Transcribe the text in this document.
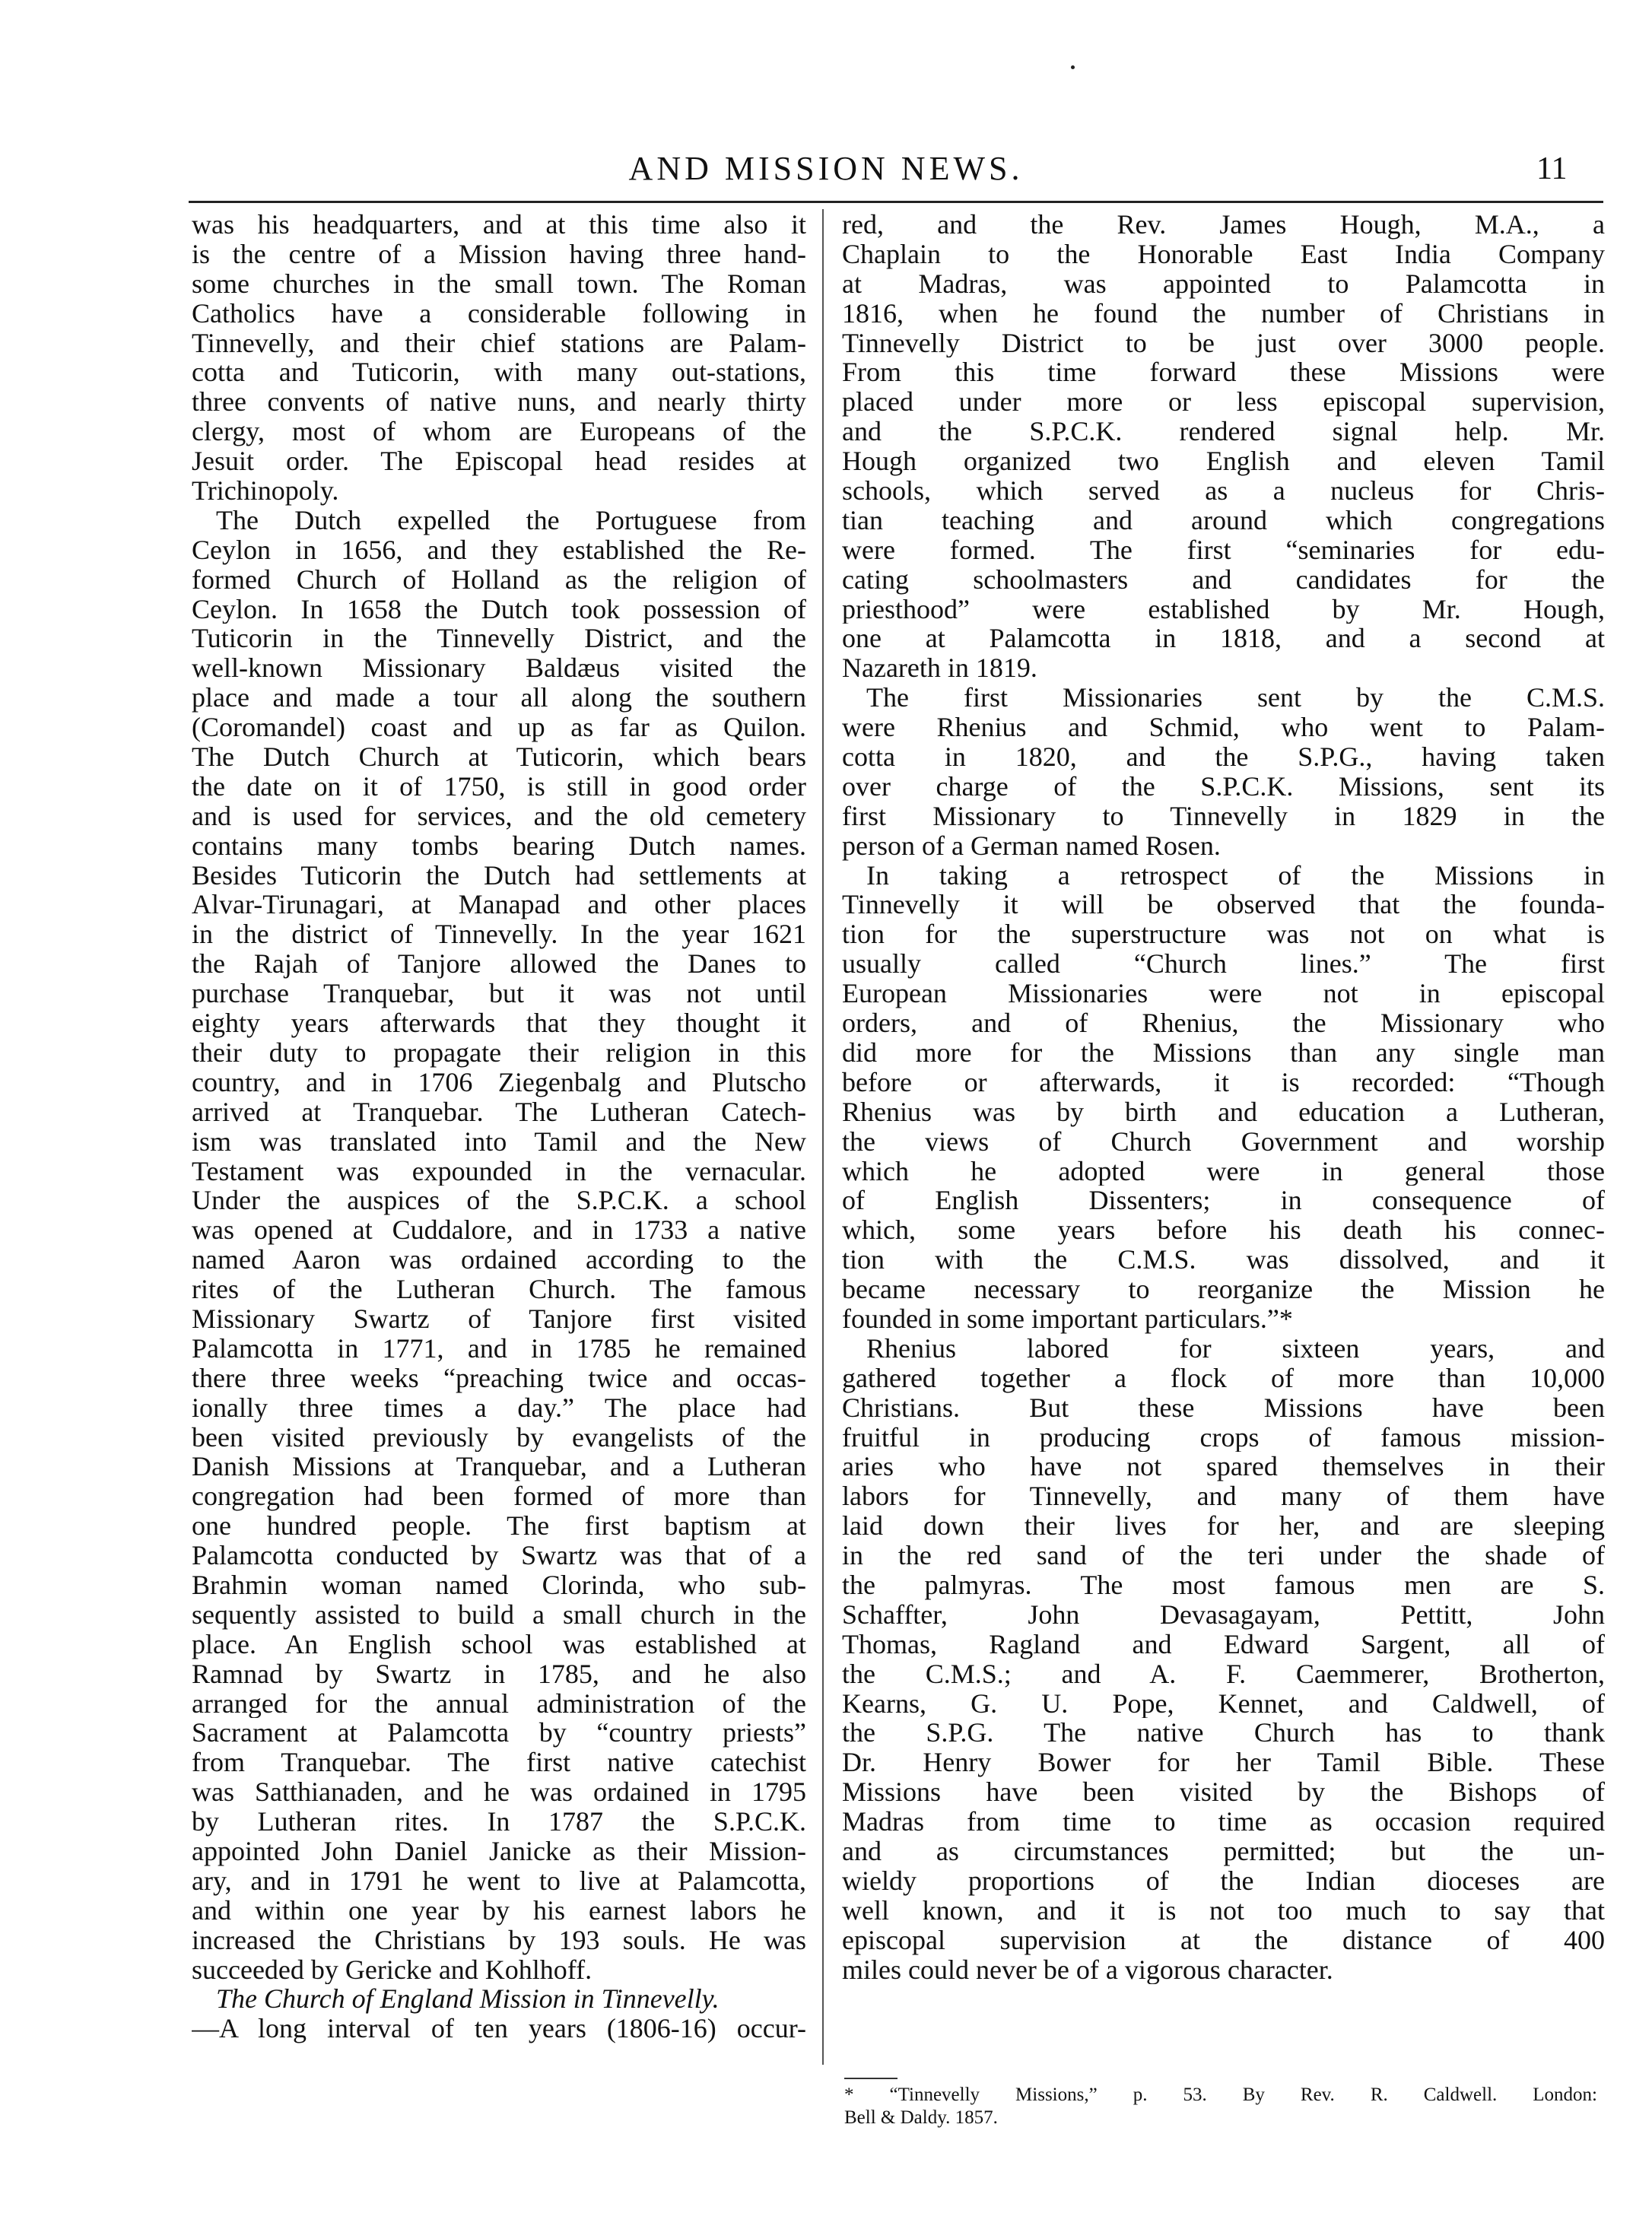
AND MISSION NEWS.	11
was his headquarters, and at this time also it
is the centre of a Mission having three hand-
some churches in the small town. The Roman
Catholics have a considerable following in
Tinnevelly, and their chief stations are Palam-
cotta and Tuticorin, with many out-stations,
three convents of native nuns, and nearly thirty
clergy, most of whom are Europeans of the
Jesuit order. The Episcopal head resides at
Trichinopoly.
The Dutch expelled the Portuguese from
Ceylon in 1656, and they established the Re-
formed Church of Holland as the religion of
Ceylon. In 1658 the Dutch took possession of
Tuticorin in the Tinnevelly District, and the
well-known Missionary Baldæus visited the
place and made a tour all along the southern
(Coromandel) coast and up as far as Quilon.
The Dutch Church at Tuticorin, which bears
the date on it of 1750, is still in good order
and is used for services, and the old cemetery
contains many tombs bearing Dutch names.
Besides Tuticorin the Dutch had settlements at
Alvar-Tirunagari, at Manapad and other places
in the district of Tinnevelly. In the year 1621
the Rajah of Tanjore allowed the Danes to
purchase Tranquebar, but it was not until
eighty years afterwards that they thought it
their duty to propagate their religion in this
country, and in 1706 Ziegenbalg and Plutscho
arrived at Tranquebar. The Lutheran Catech-
ism was translated into Tamil and the New
Testament was expounded in the vernacular.
Under the auspices of the S.P.C.K. a school
was opened at Cuddalore, and in 1733 a native
named Aaron was ordained according to the
rites of the Lutheran Church. The famous
Missionary Swartz of Tanjore first visited
Palamcotta in 1771, and in 1785 he remained
there three weeks “preaching twice and occas-
ionally three times a day.” The place had
been visited previously by evangelists of the
Danish Missions at Tranquebar, and a Lutheran
congregation had been formed of more than
one hundred people. The first baptism at
Palamcotta conducted by Swartz was that of a
Brahmin woman named Clorinda, who sub-
sequently assisted to build a small church in the
place. An English school was established at
Ramnad by Swartz in 1785, and he also
arranged for the annual administration of the
Sacrament at Palamcotta by “country priests”
from Tranquebar. The first native catechist
was Satthianaden, and he was ordained in 1795
by Lutheran rites. In 1787 the S.P.C.K.
appointed John Daniel Janicke as their Mission-
ary, and in 1791 he went to live at Palamcotta,
and within one year by his earnest labors he
increased the Christians by 193 souls. He was
succeeded by Gericke and Kohlhoff.
The Church of England Mission in Tinnevelly.
—A long interval of ten years (1806-16) occur-
red, and the Rev. James Hough, M.A., a
Chaplain to the Honorable East India Company
at Madras, was appointed to Palamcotta in
1816, when he found the number of Christians in
Tinnevelly District to be just over 3000 people.
From this time forward these Missions were
placed under more or less episcopal supervision,
and the S.P.C.K. rendered signal help. Mr.
Hough organized two English and eleven Tamil
schools, which served as a nucleus for Chris-
tian teaching and around which congregations
were formed. The first “seminaries for edu-
cating schoolmasters and candidates for the
priesthood” were established by Mr. Hough,
one at Palamcotta in 1818, and a second at
Nazareth in 1819.
The first Missionaries sent by the C.M.S.
were Rhenius and Schmid, who went to Palam-
cotta in 1820, and the S.P.G., having taken
over charge of the S.P.C.K. Missions, sent its
first Missionary to Tinnevelly in 1829 in the
person of a German named Rosen.
In taking a retrospect of the Missions in
Tinnevelly it will be observed that the founda-
tion for the superstructure was not on what is
usually called “Church lines.” The first
European Missionaries were not in episcopal
orders, and of Rhenius, the Missionary who
did more for the Missions than any single man
before or afterwards, it is recorded: “Though
Rhenius was by birth and education a Lutheran,
the views of Church Government and worship
which he adopted were in general those
of English Dissenters; in consequence of
which, some years before his death his connec-
tion with the C.M.S. was dissolved, and it
became necessary to reorganize the Mission he
founded in some important particulars.”*
Rhenius labored for sixteen years, and
gathered together a flock of more than 10,000
Christians. But these Missions have been
fruitful in producing crops of famous mission-
aries who have not spared themselves in their
labors for Tinnevelly, and many of them have
laid down their lives for her, and are sleeping
in the red sand of the teri under the shade of
the palmyras. The most famous men are S.
Schaffter, John Devasagayam, Pettitt, John
Thomas, Ragland and Edward Sargent, all of
the C.M.S.; and A. F. Caemmerer, Brotherton,
Kearns, G. U. Pope, Kennet, and Caldwell, of
the S.P.G. The native Church has to thank
Dr. Henry Bower for her Tamil Bible. These
Missions have been visited by the Bishops of
Madras from time to time as occasion required
and as circumstances permitted; but the un-
wieldy proportions of the Indian dioceses are
well known, and it is not too much to say that
episcopal supervision at the distance of 400
miles could never be of a vigorous character.
* “Tinnevelly Missions,” p. 53. By Rev. R. Caldwell. London:
Bell & Daldy. 1857.
